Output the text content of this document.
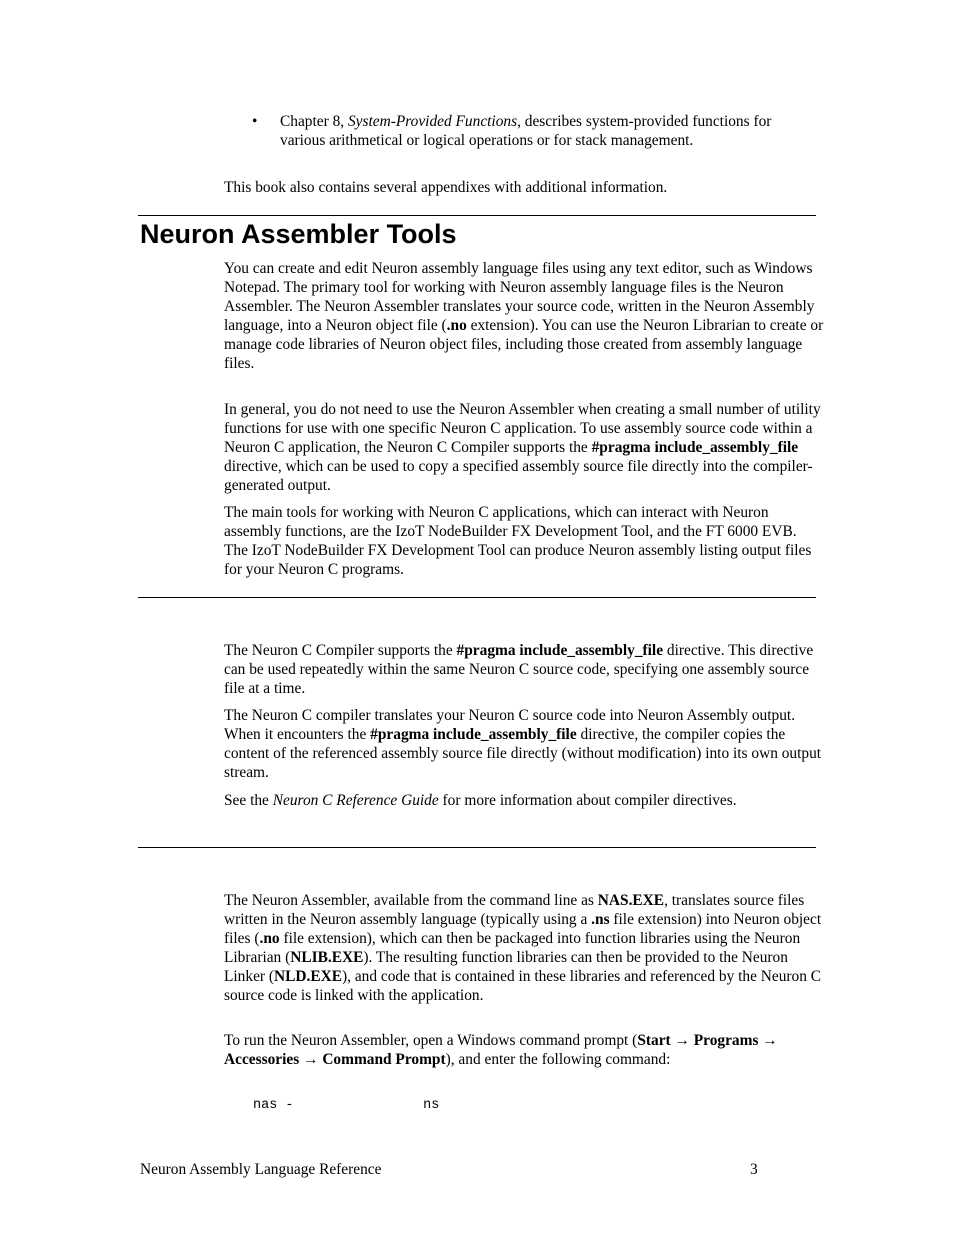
• Chapter 8, System-Provided Functions, describes system-provided functions for various arithmetical or logical operations or for stack management.

This book also contains several appendixes with additional information.

Neuron Assembler Tools

You can create and edit Neuron assembly language files using any text editor, such as Windows Notepad. The primary tool for working with Neuron assembly language files is the Neuron Assembler. The Neuron Assembler translates your source code, written in the Neuron Assembly language, into a Neuron object file (.no extension). You can use the Neuron Librarian to create or manage code libraries of Neuron object files, including those created from assembly language files.

In general, you do not need to use the Neuron Assembler when creating a small number of utility functions for use with one specific Neuron C application. To use assembly source code within a Neuron C application, the Neuron C Compiler supports the #pragma include_assembly_file directive, which can be used to copy a specified assembly source file directly into the compiler-generated output.

The main tools for working with Neuron C applications, which can interact with Neuron assembly functions, are the IzoT NodeBuilder FX Development Tool, and the FT 6000 EVB. The IzoT NodeBuilder FX Development Tool can produce Neuron assembly listing output files for your Neuron C programs.

The Neuron C Compiler supports the #pragma include_assembly_file directive. This directive can be used repeatedly within the same Neuron C source code, specifying one assembly source file at a time.

The Neuron C compiler translates your Neuron C source code into Neuron Assembly output. When it encounters the #pragma include_assembly_file directive, the compiler copies the content of the referenced assembly source file directly (without modification) into its own output stream.

See the Neuron C Reference Guide for more information about compiler directives.

The Neuron Assembler, available from the command line as NAS.EXE, translates source files written in the Neuron assembly language (typically using a .ns file extension) into Neuron object files (.no file extension), which can then be packaged into function libraries using the Neuron Librarian (NLIB.EXE). The resulting function libraries can then be provided to the Neuron Linker (NLD.EXE), and code that is contained in these libraries and referenced by the Neuron C source code is linked with the application.

To run the Neuron Assembler, open a Windows command prompt (Start → Programs → Accessories → Command Prompt), and enter the following command:

nas -                ns
Neuron Assembly Language Reference	3
